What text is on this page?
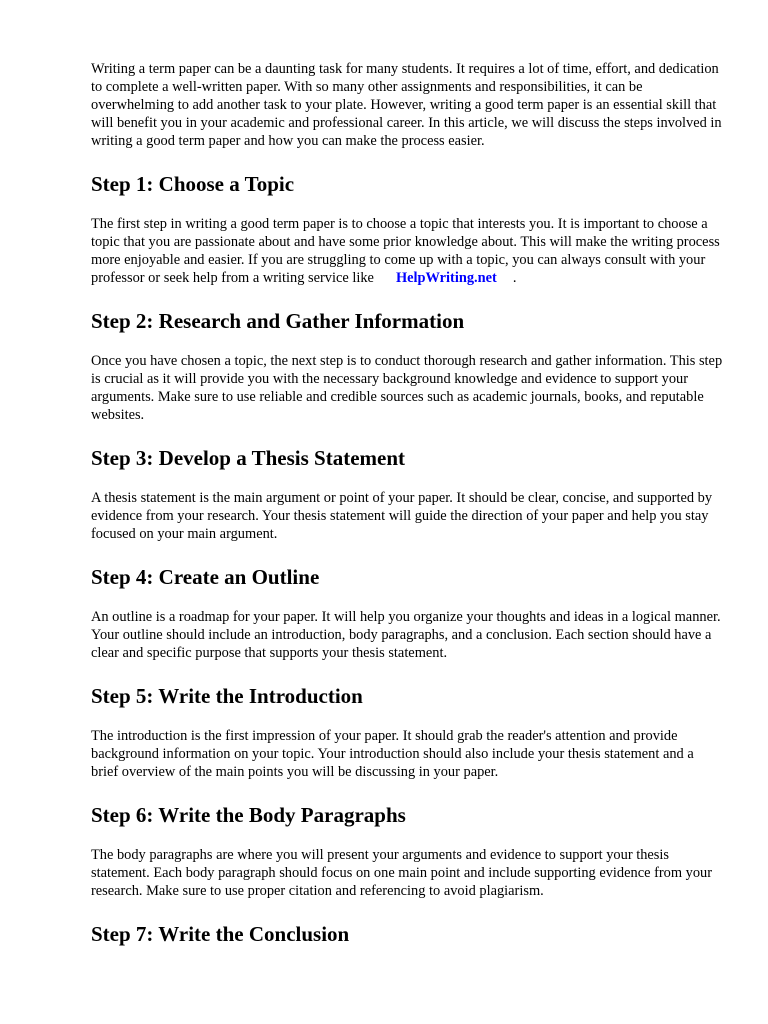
Writing a term paper can be a daunting task for many students. It requires a lot of time, effort, and dedication to complete a well-written paper. With so many other assignments and responsibilities, it can be overwhelming to add another task to your plate. However, writing a good term paper is an essential skill that will benefit you in your academic and professional career. In this article, we will discuss the steps involved in writing a good term paper and how you can make the process easier.

Step 1: Choose a Topic

The first step in writing a good term paper is to choose a topic that interests you. It is important to choose a topic that you are passionate about and have some prior knowledge about. This will make the writing process more enjoyable and easier. If you are struggling to come up with a topic, you can always consult with your professor or seek help from a writing service like HelpWriting.net .

Step 2: Research and Gather Information

Once you have chosen a topic, the next step is to conduct thorough research and gather information. This step is crucial as it will provide you with the necessary background knowledge and evidence to support your arguments. Make sure to use reliable and credible sources such as academic journals, books, and reputable websites.

Step 3: Develop a Thesis Statement

A thesis statement is the main argument or point of your paper. It should be clear, concise, and supported by evidence from your research. Your thesis statement will guide the direction of your paper and help you stay focused on your main argument.

Step 4: Create an Outline

An outline is a roadmap for your paper. It will help you organize your thoughts and ideas in a logical manner. Your outline should include an introduction, body paragraphs, and a conclusion. Each section should have a clear and specific purpose that supports your thesis statement.

Step 5: Write the Introduction

The introduction is the first impression of your paper. It should grab the reader's attention and provide background information on your topic. Your introduction should also include your thesis statement and a brief overview of the main points you will be discussing in your paper.

Step 6: Write the Body Paragraphs

The body paragraphs are where you will present your arguments and evidence to support your thesis statement. Each body paragraph should focus on one main point and include supporting evidence from your research. Make sure to use proper citation and referencing to avoid plagiarism.

Step 7: Write the Conclusion
